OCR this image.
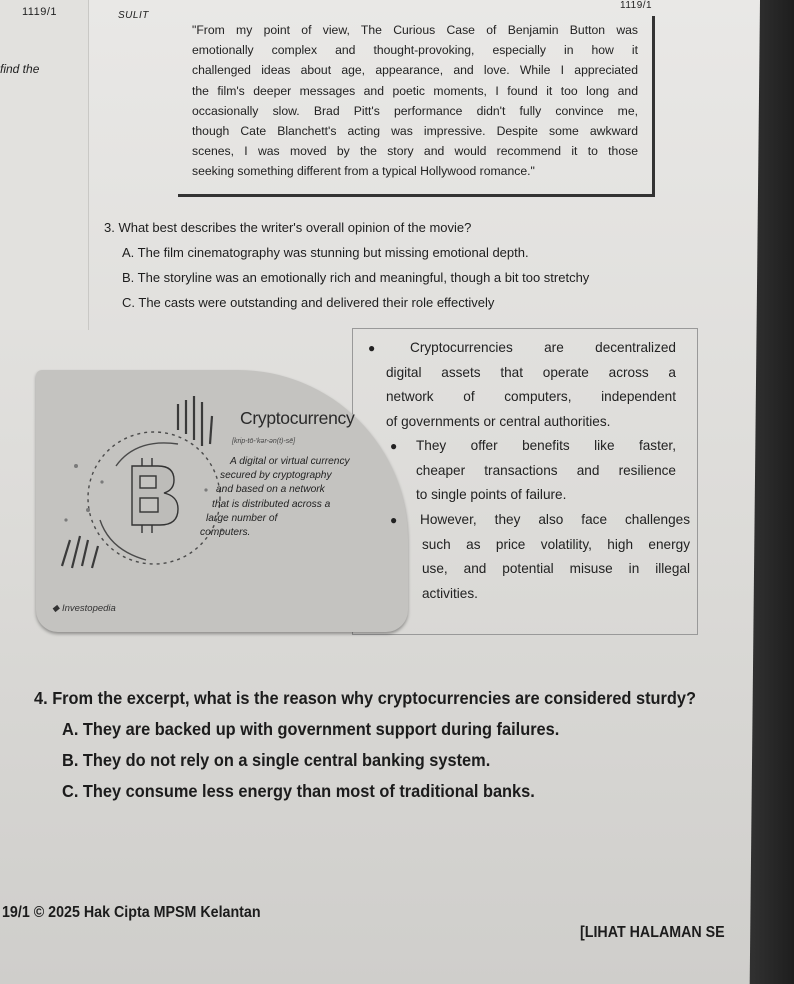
1119/1	SULIT
1119/1
find the
"From my point of view, The Curious Case of Benjamin Button was
emotionally complex and thought-provoking, especially in how it
challenged ideas about age, appearance, and love. While I appreciated
the film's deeper messages and poetic moments, I found it too long and
occasionally slow. Brad Pitt's performance didn't fully convince me,
though Cate Blanchett's acting was impressive. Despite some awkward
scenes, I was moved by the story and would recommend it to those
seeking something different from a typical Hollywood romance."
3. What best describes the writer's overall opinion of the movie?
A. The film cinematography was stunning but missing emotional depth.
B. The storyline was an emotionally rich and meaningful, though a bit too stretchy
C. The casts were outstanding and delivered their role effectively
Cryptocurrency
[krip-tō-'kər-ən(t)-sē]
A digital or virtual currency
secured by cryptography
and based on a network
that is distributed across a
large number of
computers.
◆ Investopedia
●	Cryptocurrencies are decentralized
digital assets that operate across a
network of computers, independent
of governments or central authorities.
● They offer benefits like faster,
cheaper transactions and resilience
to single points of failure.
● However, they also face challenges
such as price volatility, high energy
use, and potential misuse in illegal
activities.
4. From the excerpt, what is the reason why cryptocurrencies are considered sturdy?
A. They are backed up with government support during failures.
B. They do not rely on a single central banking system.
C. They consume less energy than most of traditional banks.
19/1 © 2025 Hak Cipta MPSM Kelantan
[LIHAT HALAMAN SE
